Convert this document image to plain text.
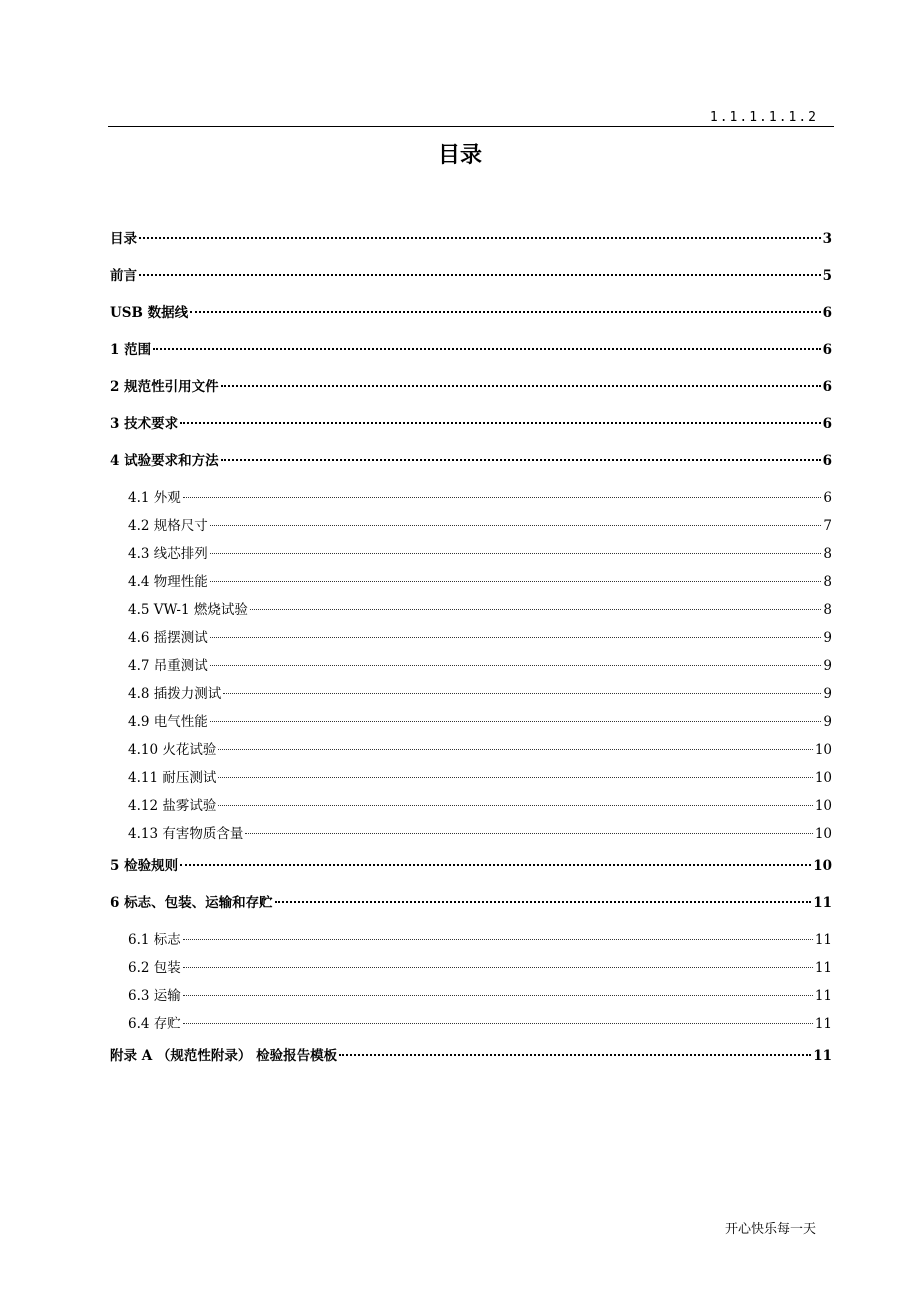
1.1.1.1.1.2
目录
目录	3
前言	5
USB 数据线	6
1 范围	6
2 规范性引用文件	6
3 技术要求	6
4 试验要求和方法	6
4.1 外观	6
4.2 规格尺寸	7
4.3 线芯排列	8
4.4 物理性能	8
4.5 VW-1 燃烧试验	8
4.6 摇摆测试	9
4.7 吊重测试	9
4.8 插拨力测试	9
4.9 电气性能	9
4.10 火花试验	10
4.11 耐压测试	10
4.12 盐雾试验	10
4.13 有害物质含量	10
5 检验规则	10
6 标志、包装、运输和存贮	11
6.1 标志	11
6.2 包装	11
6.3 运输	11
6.4 存贮	11
附录 A （规范性附录） 检验报告模板	11
开心快乐每一天
